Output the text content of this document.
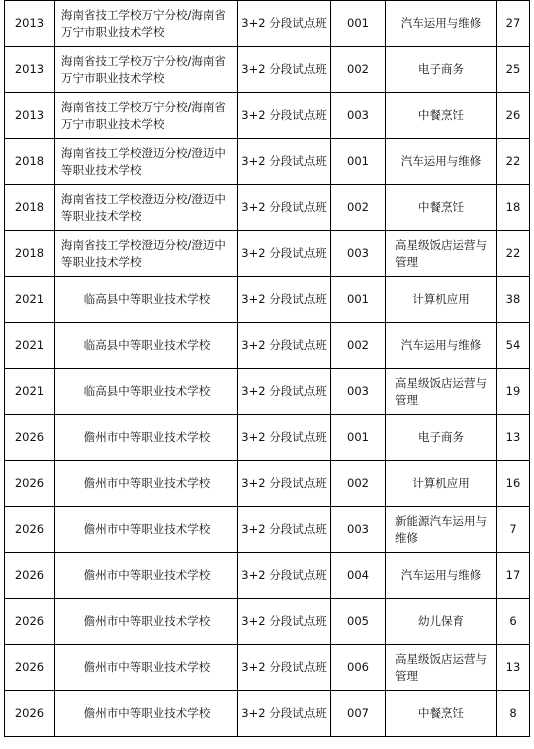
2013	海南省技工学校万宁分校/海南省万宁市职业技术学校	3+2 分段试点班	001	汽车运用与维修	27
2013	海南省技工学校万宁分校/海南省万宁市职业技术学校	3+2 分段试点班	002	电子商务	25
2013	海南省技工学校万宁分校/海南省万宁市职业技术学校	3+2 分段试点班	003	中餐烹饪	26
2018	海南省技工学校澄迈分校/澄迈中等职业技术学校	3+2 分段试点班	001	汽车运用与维修	22
2018	海南省技工学校澄迈分校/澄迈中等职业技术学校	3+2 分段试点班	002	中餐烹饪	18
2018	海南省技工学校澄迈分校/澄迈中等职业技术学校	3+2 分段试点班	003	高星级饭店运营与管理	22
2021	临高县中等职业技术学校	3+2 分段试点班	001	计算机应用	38
2021	临高县中等职业技术学校	3+2 分段试点班	002	汽车运用与维修	54
2021	临高县中等职业技术学校	3+2 分段试点班	003	高星级饭店运营与管理	19
2026	儋州市中等职业技术学校	3+2 分段试点班	001	电子商务	13
2026	儋州市中等职业技术学校	3+2 分段试点班	002	计算机应用	16
2026	儋州市中等职业技术学校	3+2 分段试点班	003	新能源汽车运用与维修	7
2026	儋州市中等职业技术学校	3+2 分段试点班	004	汽车运用与维修	17
2026	儋州市中等职业技术学校	3+2 分段试点班	005	幼儿保育	6
2026	儋州市中等职业技术学校	3+2 分段试点班	006	高星级饭店运营与管理	13
2026	儋州市中等职业技术学校	3+2 分段试点班	007	中餐烹饪	8
